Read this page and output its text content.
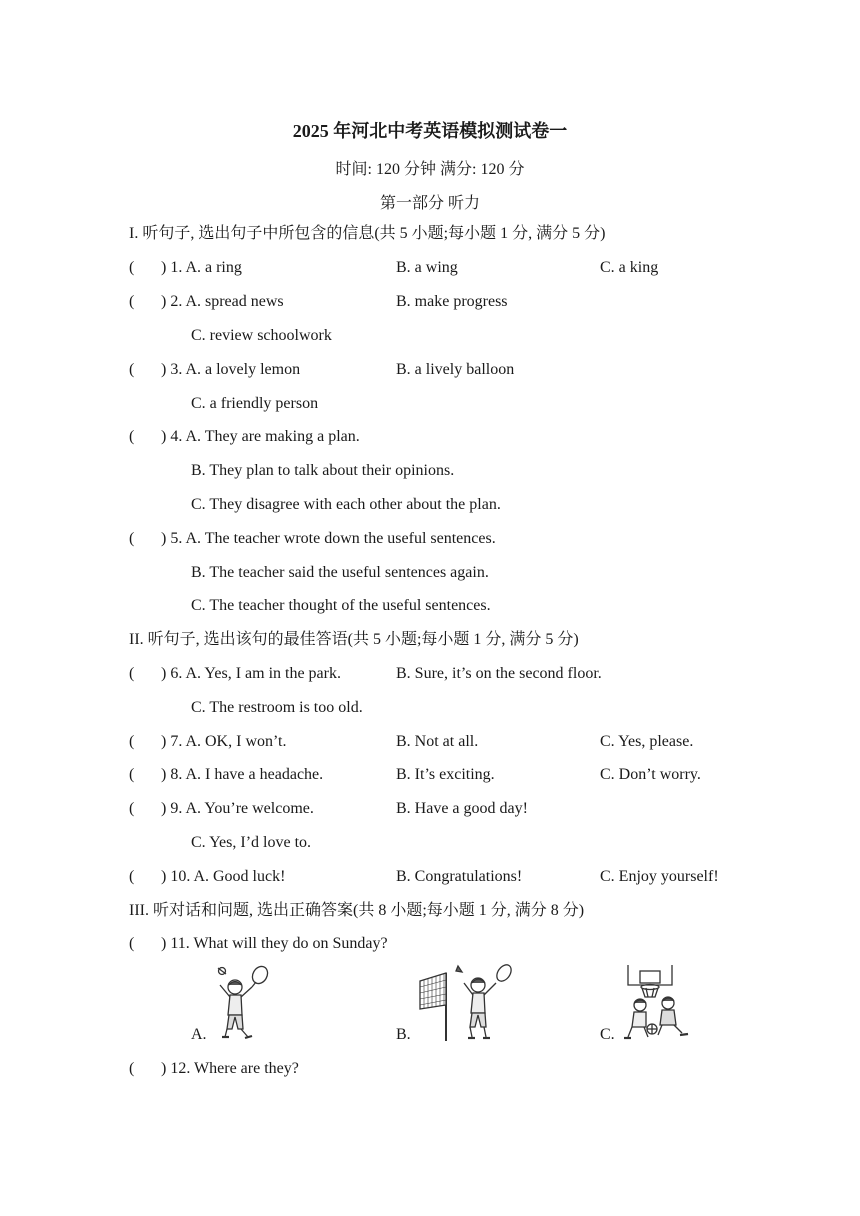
2025 年河北中考英语模拟测试卷一
时间: 120 分钟 满分: 120 分
第一部分 听力
I. 听句子, 选出句子中所包含的信息(共 5 小题;每小题 1 分, 满分 5 分)
( ) 1. A. a ring	B. a wing	C. a king
( ) 2. A. spread news	B. make progress
C. review schoolwork
( ) 3. A. a lovely lemon	B. a lively balloon
C. a friendly person
( ) 4. A. They are making a plan.
B. They plan to talk about their opinions.
C. They disagree with each other about the plan.
( ) 5. A. The teacher wrote down the useful sentences.
B. The teacher said the useful sentences again.
C. The teacher thought of the useful sentences.
II. 听句子, 选出该句的最佳答语(共 5 小题;每小题 1 分, 满分 5 分)
( ) 6. A. Yes, I am in the park.	B. Sure, it’s on the second floor.
C. The restroom is too old.
( ) 7. A. OK, I won’t.	B. Not at all.	C. Yes, please.
( ) 8. A. I have a headache.	B. It’s exciting.	C. Don’t worry.
( ) 9. A. You’re welcome.	B. Have a good day!
C. Yes, I’d love to.
( ) 10. A. Good luck!	B. Congratulations!	C. Enjoy yourself!
III. 听对话和问题, 选出正确答案(共 8 小题;每小题 1 分, 满分 8 分)
( ) 11. What will they do on Sunday?
A.	B.	C.
( ) 12. Where are they?
